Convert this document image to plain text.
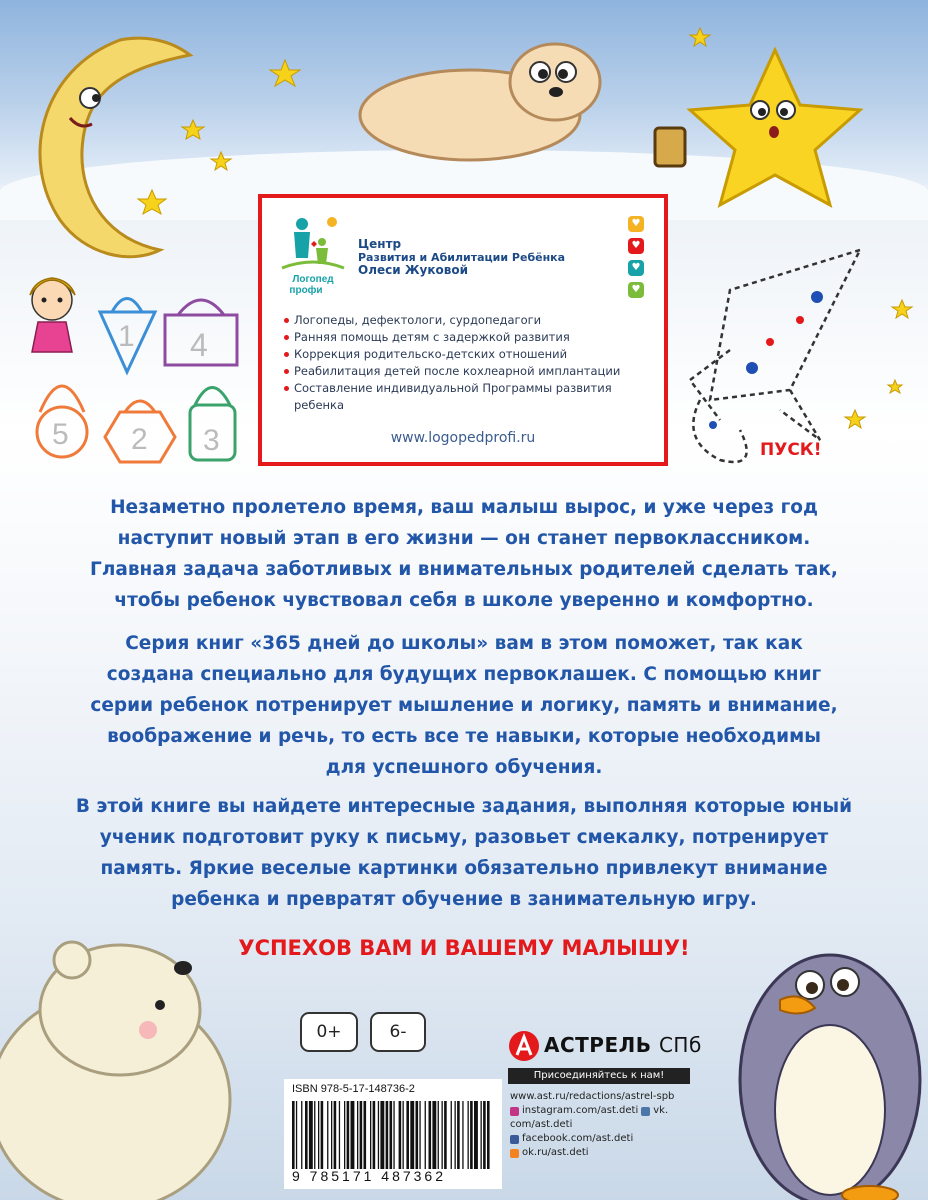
1 4
5 2 3	ПУСК!
Логопед
профи
Центр
Развития и Абилитации Ребёнка
Олеси Жуковой
♥
♥
♥
♥
Логопеды, дефектологи, сурдопедагоги
Ранняя помощь детям с задержкой развития
Коррекция родительско-детских отношений
Реабилитация детей после кохлеарной имплантации
Составление индивидуальной Программы развития ребенка
www.logopedprofi.ru
Незаметно пролетело время, ваш малыш вырос, и уже через год
наступит новый этап в его жизни — он станет первоклассником.
Главная задача заботливых и внимательных родителей сделать так,
чтобы ребенок чувствовал себя в школе уверенно и комфортно.
Серия книг «365 дней до школы» вам в этом поможет, так как
создана специально для будущих первоклашек. С помощью книг
серии ребенок потренирует мышление и логику, память и внимание,
воображение и речь, то есть все те навыки, которые необходимы
для успешного обучения.
В этой книге вы найдете интересные задания, выполняя которые юный
ученик подготовит руку к письму, разовьет смекалку, потренирует
память. Яркие веселые картинки обязательно привлекут внимание
ребенка и превратят обучение в занимательную игру.
УСПЕХОВ ВАМ И ВАШЕМУ МАЛЫШУ!
0+	6-
ISBN 978-5-17-148736-2
9 785171 487362
АСТРЕЛЬ СПб
Присоединяйтесь к нам!
www.ast.ru/redactions/astrel-spb
instagram.com/ast.deti vk.
com/ast.deti
facebook.com/ast.deti
ok.ru/ast.deti
